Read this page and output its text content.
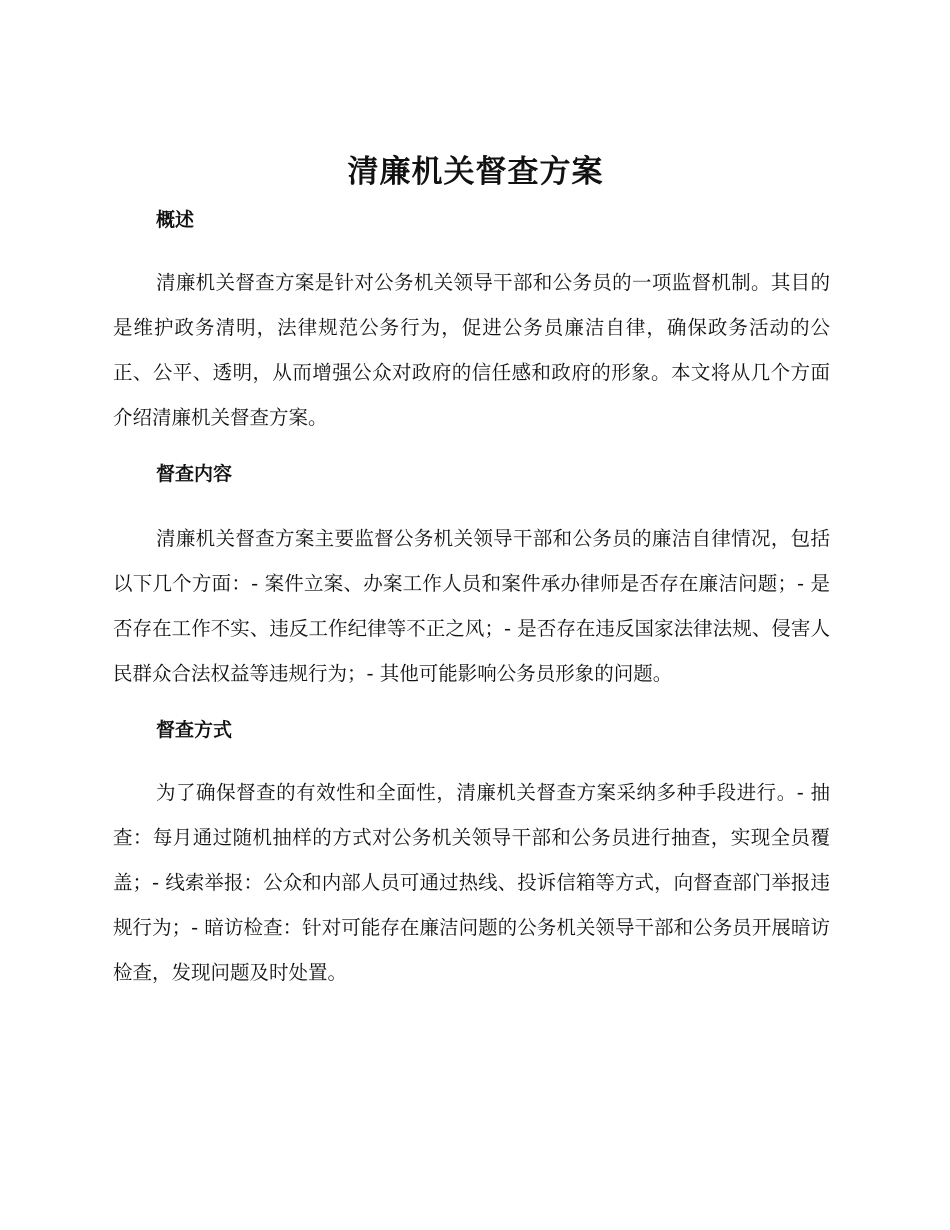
清廉机关督查方案
概述

清廉机关督查方案是针对公务机关领导干部和公务员的一项监督机制。其目的是维护政务清明，法律规范公务行为，促进公务员廉洁自律，确保政务活动的公正、公平、透明，从而增强公众对政府的信任感和政府的形象。本文将从几个方面介绍清廉机关督查方案。

督查内容

清廉机关督查方案主要监督公务机关领导干部和公务员的廉洁自律情况，包括以下几个方面：- 案件立案、办案工作人员和案件承办律师是否存在廉洁问题；- 是否存在工作不实、违反工作纪律等不正之风；- 是否存在违反国家法律法规、侵害人民群众合法权益等违规行为；- 其他可能影响公务员形象的问题。

督查方式

为了确保督查的有效性和全面性，清廉机关督查方案采纳多种手段进行。- 抽查：每月通过随机抽样的方式对公务机关领导干部和公务员进行抽查，实现全员覆盖；- 线索举报：公众和内部人员可通过热线、投诉信箱等方式，向督查部门举报违规行为；- 暗访检查：针对可能存在廉洁问题的公务机关领导干部和公务员开展暗访检查，发现问题及时处置。
